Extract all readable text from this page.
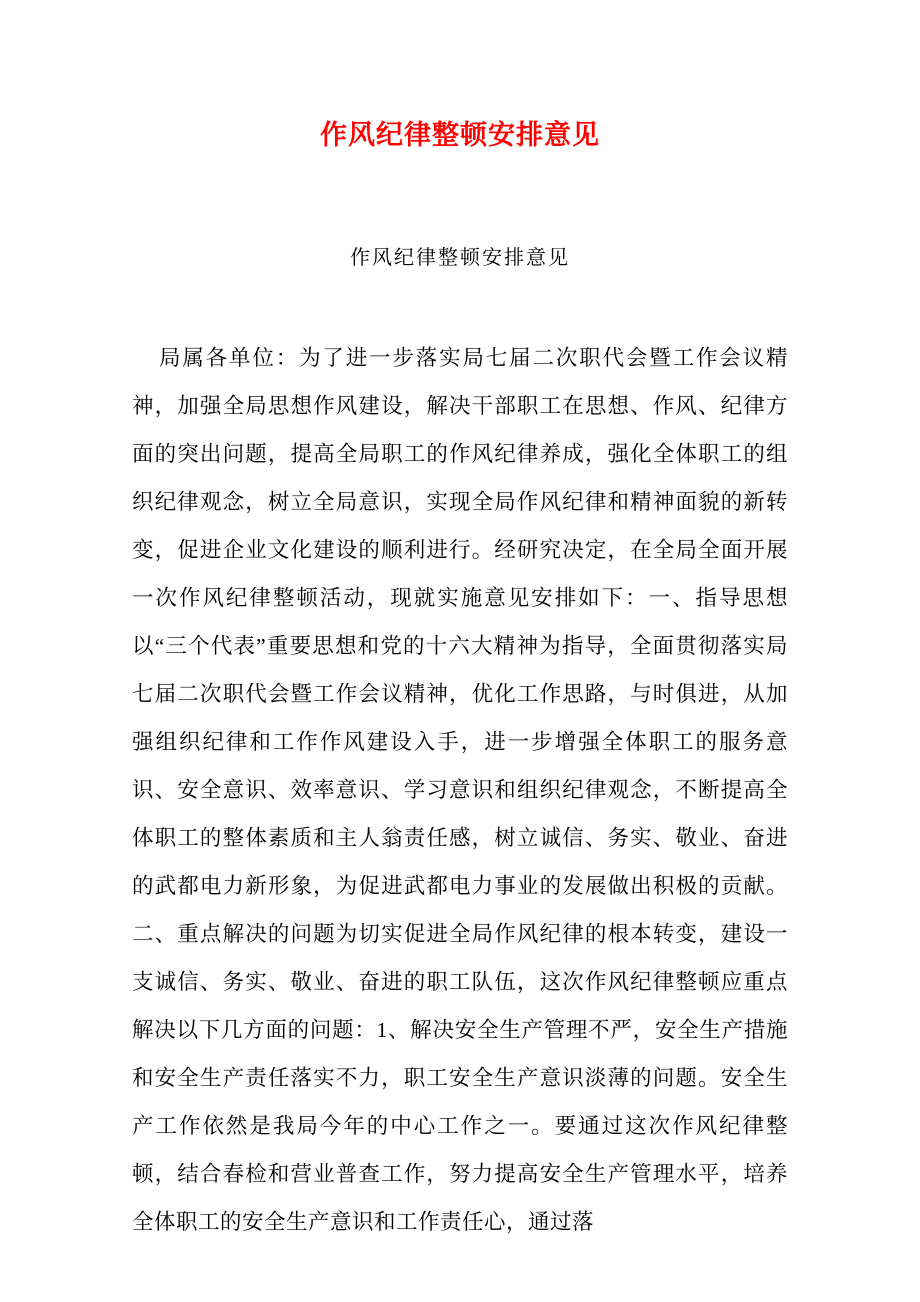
作风纪律整顿安排意见
作风纪律整顿安排意见
局属各单位：为了进一步落实局七届二次职代会暨工作会议精神，加强全局思想作风建设，解决干部职工在思想、作风、纪律方面的突出问题，提高全局职工的作风纪律养成，强化全体职工的组织纪律观念，树立全局意识，实现全局作风纪律和精神面貌的新转变，促进企业文化建设的顺利进行。经研究决定，在全局全面开展一次作风纪律整顿活动，现就实施意见安排如下：一、指导思想以“三个代表”重要思想和党的十六大精神为指导，全面贯彻落实局七届二次职代会暨工作会议精神，优化工作思路，与时俱进，从加强组织纪律和工作作风建设入手，进一步增强全体职工的服务意识、安全意识、效率意识、学习意识和组织纪律观念，不断提高全体职工的整体素质和主人翁责任感，树立诚信、务实、敬业、奋进的武都电力新形象，为促进武都电力事业的发展做出积极的贡献。二、重点解决的问题为切实促进全局作风纪律的根本转变，建设一支诚信、务实、敬业、奋进的职工队伍，这次作风纪律整顿应重点解决以下几方面的问题：1、解决安全生产管理不严，安全生产措施和安全生产责任落实不力，职工安全生产意识淡薄的问题。安全生产工作依然是我局今年的中心工作之一。要通过这次作风纪律整顿，结合春检和营业普查工作，努力提高安全生产管理水平，培养全体职工的安全生产意识和工作责任心，通过落
